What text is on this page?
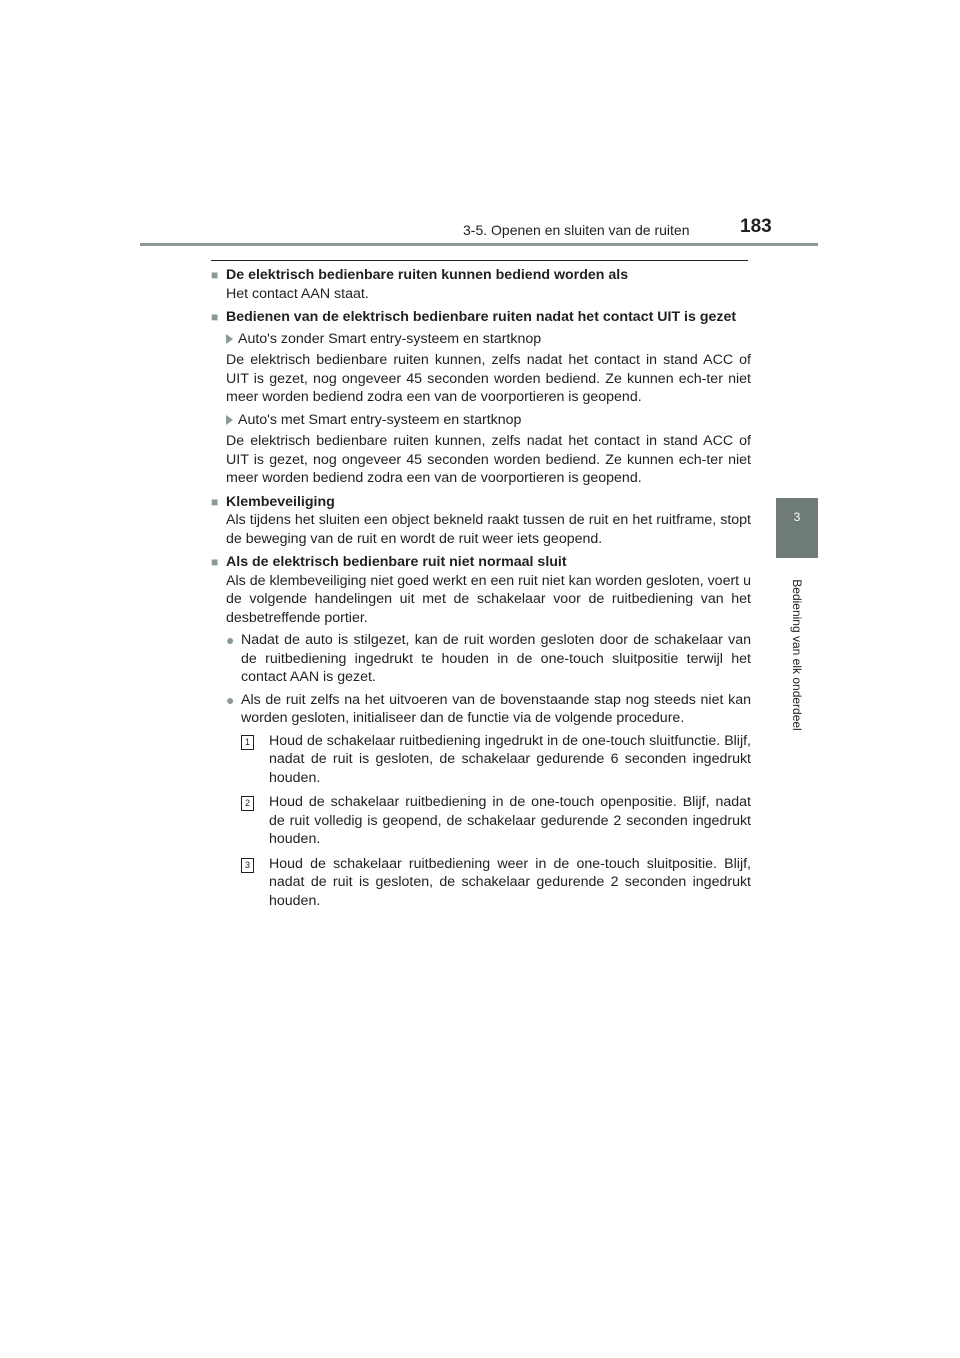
3-5. Openen en sluiten van de ruiten	183
3
Bediening van elk onderdeel
■ De elektrisch bedienbare ruiten kunnen bediend worden als
Het contact AAN staat.
■ Bedienen van de elektrisch bedienbare ruiten nadat het contact UIT is gezet
Auto's zonder Smart entry-systeem en startknop
De elektrisch bedienbare ruiten kunnen, zelfs nadat het contact in stand ACC of UIT is gezet, nog ongeveer 45 seconden worden bediend. Ze kunnen ech-ter niet meer worden bediend zodra een van de voorportieren is geopend.
Auto's met Smart entry-systeem en startknop
De elektrisch bedienbare ruiten kunnen, zelfs nadat het contact in stand ACC of UIT is gezet, nog ongeveer 45 seconden worden bediend. Ze kunnen ech-ter niet meer worden bediend zodra een van de voorportieren is geopend.
■ Klembeveiliging
Als tijdens het sluiten een object bekneld raakt tussen de ruit en het ruitframe, stopt de beweging van de ruit en wordt de ruit weer iets geopend.
■ Als de elektrisch bedienbare ruit niet normaal sluit
Als de klembeveiliging niet goed werkt en een ruit niet kan worden gesloten, voert u de volgende handelingen uit met de schakelaar voor de ruitbediening van het desbetreffende portier.
● Nadat de auto is stilgezet, kan de ruit worden gesloten door de schakelaar van de ruitbediening ingedrukt te houden in de one-touch sluitpositie terwijl het contact AAN is gezet.
● Als de ruit zelfs na het uitvoeren van de bovenstaande stap nog steeds niet kan worden gesloten, initialiseer dan de functie via de volgende procedure.
1	Houd de schakelaar ruitbediening ingedrukt in de one-touch sluitfunctie. Blijf, nadat de ruit is gesloten, de schakelaar gedurende 6 seconden ingedrukt houden.
2	Houd de schakelaar ruitbediening in de one-touch openpositie. Blijf, nadat de ruit volledig is geopend, de schakelaar gedurende 2 seconden ingedrukt houden.
3	Houd de schakelaar ruitbediening weer in de one-touch sluitpositie. Blijf, nadat de ruit is gesloten, de schakelaar gedurende 2 seconden ingedrukt houden.
